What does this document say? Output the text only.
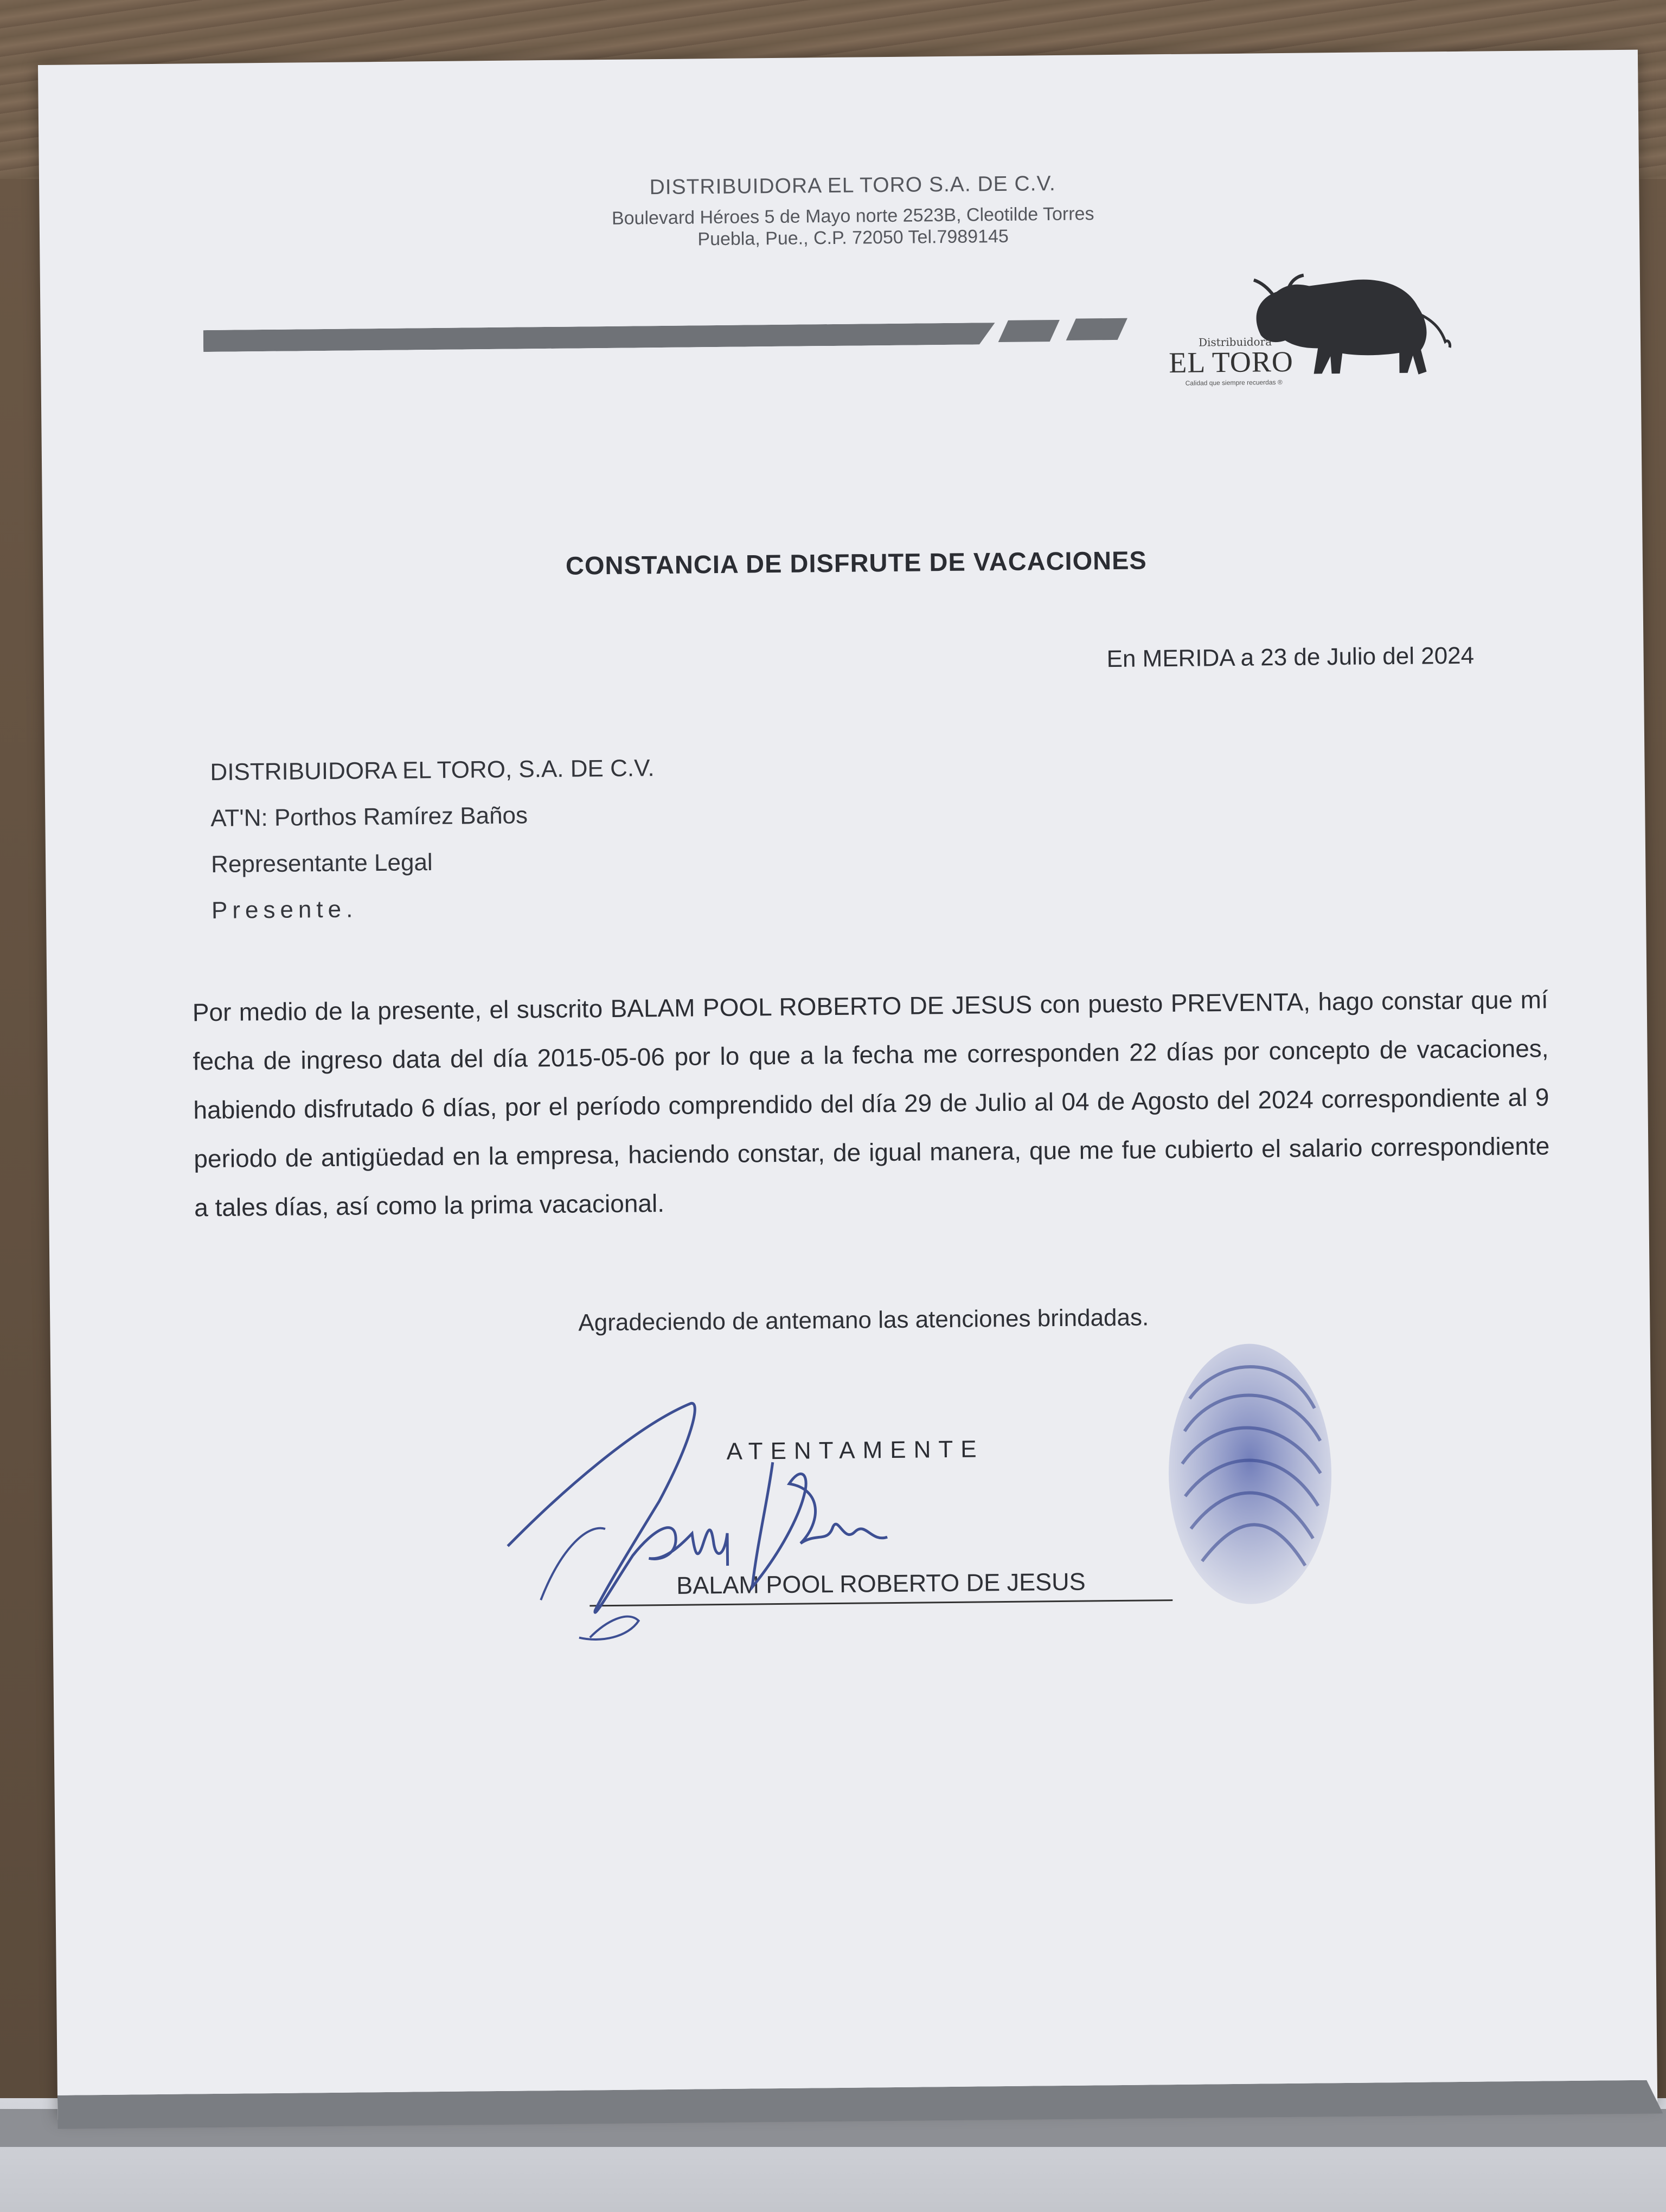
DISTRIBUIDORA EL TORO S.A. DE C.V.
Boulevard Héroes 5 de Mayo norte 2523B, Cleotilde Torres
Puebla, Pue., C.P. 72050 Tel.7989145
Distribuidora
EL TORO
Calidad que siempre recuerdas ®
CONSTANCIA DE DISFRUTE DE VACACIONES
En MERIDA a 23 de Julio del 2024
DISTRIBUIDORA EL TORO, S.A. DE C.V.
AT'N: Porthos Ramírez Baños
Representante Legal
Presente.
Por medio de la presente, el suscrito BALAM POOL ROBERTO DE JESUS con puesto PREVENTA, hago constar que mí fecha de ingreso data del día 2015-05-06 por lo que a la fecha me corresponden 22 días por concepto de vacaciones, habiendo disfrutado 6 días, por el período comprendido del día 29 de Julio al 04 de Agosto del 2024 correspondiente al 9 periodo de antigüedad en la empresa, haciendo constar, de igual manera, que me fue cubierto el salario correspondiente a tales días, así como la prima vacacional.
Agradeciendo de antemano las atenciones brindadas.
ATENTAMENTE
BALAM POOL ROBERTO DE JESUS
